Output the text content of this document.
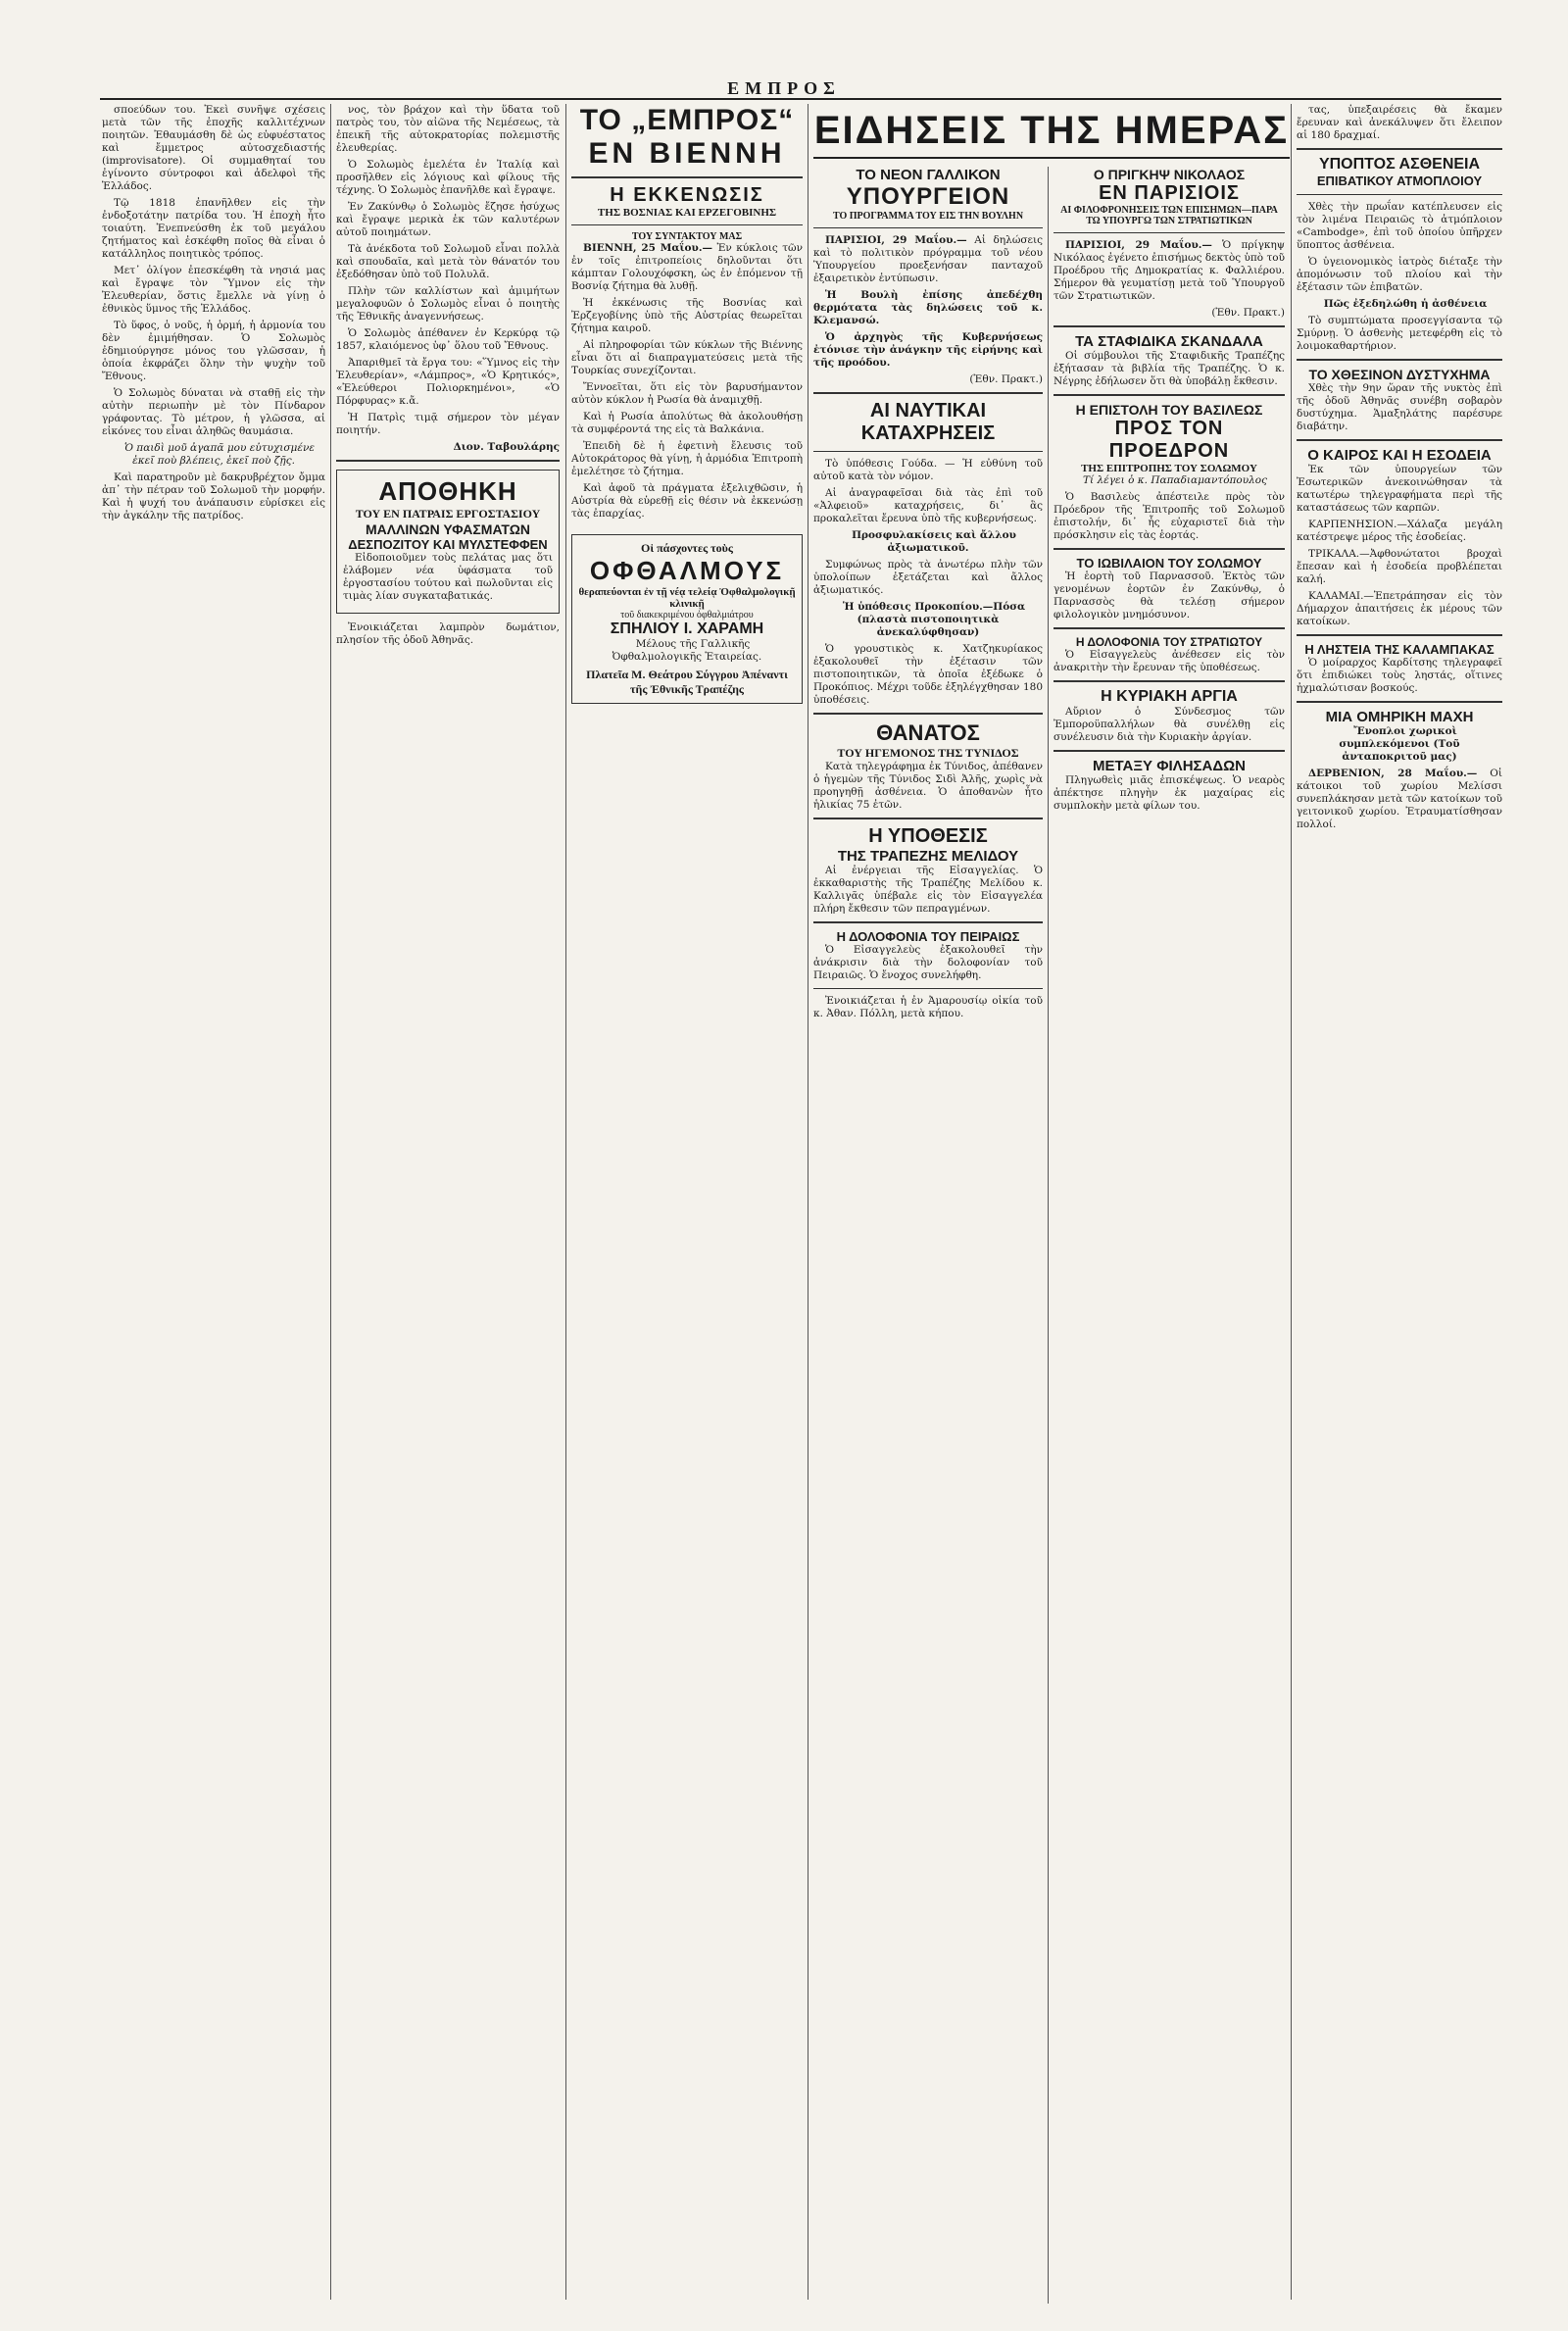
ΕΜΠΡΟΣ

σποεύδων του. Ἐκεὶ συνῆψε σχέσεις μετὰ τῶν τῆς ἐποχῆς καλλιτέχνων ποιητῶν. Ἐθαυμάσθη δὲ ὡς εὐφυέστατος καὶ ἔμμετρος αὐτοσχεδιαστής (improvisatore). Οἱ συμμαθηταί του ἐγίνοντο σύντροφοι καὶ ἀδελφοὶ τῆς Ἑλλάδος.

Τῷ 1818 ἐπανῆλθεν εἰς τὴν ἐνδοξοτάτην πατρίδα του. Ἡ ἐποχὴ ἦτο τοιαύτη. Ἐνεπνεύσθη ἐκ τοῦ μεγάλου ζητήματος καὶ ἐσκέφθη ποῖος θὰ εἶναι ὁ κατάλληλος ποιητικὸς τρόπος.

Μετ᾽ ὀλίγον ἐπεσκέφθη τὰ νησιά μας καὶ ἔγραψε τὸν Ὕμνον εἰς τὴν Ἐλευθερίαν, ὅστις ἔμελλε νὰ γίνῃ ὁ ἐθνικὸς ὕμνος τῆς Ἑλλάδος.

Τὸ ὕφος, ὁ νοῦς, ἡ ὁρμή, ἡ ἁρμονία του δὲν ἐμιμήθησαν. Ὁ Σολωμὸς ἐδημιούργησε μόνος του γλῶσσαν, ἡ ὁποία ἐκφράζει ὅλην τὴν ψυχὴν τοῦ Ἔθνους.

Ὁ Σολωμὸς δύναται νὰ σταθῇ εἰς τὴν αὐτὴν περιωπὴν μὲ τὸν Πίνδαρον γράφοντας. Τὸ μέτρον, ἡ γλῶσσα, αἱ εἰκόνες του εἶναι ἀληθῶς θαυμάσια.

Ὁ παιδὶ μοῦ ἀγαπᾶ μου εὐτυχισμένε ἐκεῖ ποὺ βλέπεις, ἐκεῖ ποὺ ζῇς.

Καὶ παρατηροῦν μὲ δακρυβρέχτον ὄμμα ἀπ᾽ τὴν πέτραν τοῦ Σολωμοῦ τὴν μορφήν. Καὶ ἡ ψυχή του ἀνάπαυσιν εὑρίσκει εἰς τὴν ἀγκάλην τῆς πατρίδος.

νος, τὸν βράχον καὶ τὴν ὕδατα τοῦ πατρὸς του, τὸν αἰῶνα τῆς Νεμέσεως, τὰ ἐπεικῆ τῆς αὐτοκρατορίας πολεμιστῆς ἐλευθερίας.

Ὁ Σολωμὸς ἐμελέτα ἐν Ἰταλίᾳ καὶ προσῆλθεν εἰς λόγιους καὶ φίλους τῆς τέχνης. Ὁ Σολωμὸς ἐπανῆλθε καὶ ἔγραψε.

Ἐν Ζακύνθῳ ὁ Σολωμὸς ἔζησε ἡσύχως καὶ ἔγραψε μερικὰ ἐκ τῶν καλυτέρων αὐτοῦ ποιημάτων.

Τὰ ἀνέκδοτα τοῦ Σολωμοῦ εἶναι πολλὰ καὶ σπουδαῖα, καὶ μετὰ τὸν θάνατόν του ἐξεδόθησαν ὑπὸ τοῦ Πολυλᾶ.

Πλὴν τῶν καλλίστων καὶ ἀμιμήτων μεγαλοφυῶν ὁ Σολωμὸς εἶναι ὁ ποιητὴς τῆς Ἐθνικῆς ἀναγεννήσεως.

Ὁ Σολωμὸς ἀπέθανεν ἐν Κερκύρᾳ τῷ 1857, κλαιόμενος ὑφ᾽ ὅλου τοῦ Ἔθνους.

Ἀπαριθμεῖ τὰ ἔργα του: «Ὕμνος εἰς τὴν Ἐλευθερίαν», «Λάμπρος», «Ὁ Κρητικός», «Ἐλεύθεροι Πολιορκημένοι», «Ὁ Πόρφυρας» κ.ἄ.

Ἡ Πατρὶς τιμᾷ σήμερον τὸν μέγαν ποιητήν.

Διον. Ταβουλάρης

ΑΠΟΘΗΚΗ
ΤΟΥ ΕΝ ΠΑΤΡΑΙΣ ΕΡΓΟΣΤΑΣΙΟΥ
ΜΑΛΛΙΝΩΝ ΥΦΑΣΜΑΤΩΝ
ΔΕΣΠΟΖΙΤΟΥ ΚΑΙ ΜΥΛΣΤΕΦΦΕΝ

Εἰδοποιοῦμεν τοὺς πελάτας μας ὅτι ἐλάβομεν νέα ὑφάσματα τοῦ ἐργοστασίου τούτου καὶ πωλοῦνται εἰς τιμὰς λίαν συγκαταβατικάς.

Ἐνοικιάζεται λαμπρὸν δωμάτιον, πλησίον τῆς ὁδοῦ Ἀθηνᾶς.

ΤΟ „ΕΜΠΡΟΣ“
ΕΝ ΒΙΕΝΝΗ
Η ΕΚΚΕΝΩΣΙΣ
ΤΗΣ ΒΟΣΝΙΑΣ ΚΑΙ ΕΡΖΕΓΟΒΙΝΗΣ
ΤΟΥ ΣΥΝΤΑΚΤΟΥ ΜΑΣ

ΒΙΕΝΝΗ, 25 Μαΐου.— Ἐν κύκλοις τῶν ἐν τοῖς ἐπιτροπείοις δηλοῦνται ὅτι κάμπταν Γολουχόφσκη, ὡς ἐν ἐπόμενον τῇ Βοσνίᾳ ζήτημα θὰ λυθῇ.

Ἡ ἐκκένωσις τῆς Βοσνίας καὶ Ἐρζεγοβίνης ὑπὸ τῆς Αὐστρίας θεωρεῖται ζήτημα καιροῦ.

Αἱ πληροφορίαι τῶν κύκλων τῆς Βιέννης εἶναι ὅτι αἱ διαπραγματεύσεις μετὰ τῆς Τουρκίας συνεχίζονται.

Ἔννοεῖται, ὅτι εἰς τὸν βαρυσήμαντον αὐτὸν κύκλον ἡ Ρωσία θὰ ἀναμιχθῇ.

Καὶ ἡ Ρωσία ἀπολύτως θὰ ἀκολουθήσῃ τὰ συμφέροντά της εἰς τὰ Βαλκάνια.

Ἐπειδὴ δὲ ἡ ἐφετινὴ ἔλευσις τοῦ Αὐτοκράτορος θὰ γίνῃ, ἡ ἀρμόδια Ἐπιτροπὴ ἐμελέτησε τὸ ζήτημα.

Καὶ ἀφοῦ τὰ πράγματα ἐξελιχθῶσιν, ἡ Αὐστρία θὰ εὑρεθῇ εἰς θέσιν νὰ ἐκκενώσῃ τὰς ἐπαρχίας.

Οἱ πάσχοντες τοὺς
ΟΦΘΑΛΜΟΥΣ
θεραπεύονται ἐν τῇ νέᾳ τελείᾳ Ὀφθαλμολογικῇ κλινικῇ
τοῦ διακεκριμένου ὀφθαλμιάτρου
ΣΠΗΛΙΟΥ Ι. ΧΑΡΑΜΗ

Μέλους τῆς Γαλλικῆς Ὀφθαλμολογικῆς Ἑταιρείας.

Πλατεῖα Μ. Θεάτρου Σύγγρου Ἀπέναντι τῆς Ἐθνικῆς Τραπέζης
ΕΙΔΗΣΕΙΣ ΤΗΣ ΗΜΕΡΑΣ
ΤΟ ΝΕΟΝ ΓΑΛΛΙΚΟΝ
ΥΠΟΥΡΓΕΙΟΝ
ΤΟ ΠΡΟΓΡΑΜΜΑ ΤΟΥ ΕΙΣ ΤΗΝ ΒΟΥΛΗΝ

ΠΑΡΙΣΙΟΙ, 29 Μαΐου.— Αἱ δηλώσεις καὶ τὸ πολιτικὸν πρόγραμμα τοῦ νέου Ὑπουργείου προεξενήσαν πανταχοῦ ἐξαιρετικὸν ἐντύπωσιν.

Ἡ Βουλὴ ἐπίσης ἀπεδέχθη θερμότατα τὰς δηλώσεις τοῦ κ. Κλεμανσώ.

Ὁ ἀρχηγὸς τῆς Κυβερνήσεως ἐτόνισε τὴν ἀνάγκην τῆς εἰρήνης καὶ τῆς προόδου.

(Ἐθν. Πρακτ.)

ΑΙ ΝΑΥΤΙΚΑΙ
ΚΑΤΑΧΡΗΣΕΙΣ

Τὸ ὑπόθεσις Γούδα. — Ἡ εὐθύνη τοῦ αὐτοῦ κατὰ τὸν νόμον.

Αἱ ἀναγραφεῖσαι διὰ τὰς ἐπὶ τοῦ «Ἀλφειοῦ» καταχρήσεις, δι᾽ ἃς προκαλεῖται ἔρευνα ὑπὸ τῆς κυβερνήσεως.

Προσφυλακίσεις καὶ ἄλλου ἀξιωματικοῦ.

Συμφώνως πρὸς τὰ ἀνωτέρω πλὴν τῶν ὑπολοίπων ἐξετάζεται καὶ ἄλλος ἀξιωματικός.

Ἡ ὑπόθεσις Προκοπίου.—Πόσα (πλαστὰ πιστοποιητικὰ ἀνεκαλύφθησαν)

Ὁ γρουστικὸς κ. Χατζηκυρίακος ἐξακολουθεῖ τὴν ἐξέτασιν τῶν πιστοποιητικῶν, τὰ ὁποῖα ἐξέδωκε ὁ Προκόπιος. Μέχρι τοῦδε ἐξηλέγχθησαν 180 ὑποθέσεις.

ΘΑΝΑΤΟΣ
ΤΟΥ ΗΓΕΜΟΝΟΣ ΤΗΣ ΤΥΝΙΔΟΣ

Κατὰ τηλεγράφημα ἐκ Τύνιδος, ἀπέθανεν ὁ ἡγεμὼν τῆς Τύνιδος Σιδὶ Ἀλῆς, χωρὶς νὰ προηγηθῇ ἀσθένεια. Ὁ ἀποθανὼν ἦτο ἡλικίας 75 ἐτῶν.

Η ΥΠΟΘΕΣΙΣ
ΤΗΣ ΤΡΑΠΕΖΗΣ ΜΕΛΙΔΟΥ

Αἱ ἐνέργειαι τῆς Εἰσαγγελίας. Ὁ ἐκκαθαριστὴς τῆς Τραπέζης Μελίδου κ. Καλλιγᾶς ὑπέβαλε εἰς τὸν Εἰσαγγελέα πλήρη ἔκθεσιν τῶν πεπραγμένων.

Η ΔΟΛΟΦΟΝΙΑ ΤΟΥ ΠΕΙΡΑΙΩΣ

Ὁ Εἰσαγγελεὺς ἐξακολουθεῖ τὴν ἀνάκρισιν διὰ τὴν δολοφονίαν τοῦ Πειραιῶς. Ὁ ἔνοχος συνελήφθη.

Ἐνοικιάζεται ἡ ἐν Ἀμαρουσίῳ οἰκία τοῦ κ. Ἀθαν. Πόλλη, μετὰ κήπου.

Ο ΠΡΙΓΚΗΨ ΝΙΚΟΛΑΟΣ
ΕΝ ΠΑΡΙΣΙΟΙΣ
ΑΙ ΦΙΛΟΦΡΟΝΗΣΕΙΣ ΤΩΝ ΕΠΙΣΗΜΩΝ—ΠΑΡΑ ΤΩ ΥΠΟΥΡΓΩ ΤΩΝ ΣΤΡΑΤΙΩΤΙΚΩΝ

ΠΑΡΙΣΙΟΙ, 29 Μαΐου.— Ὁ πρίγκηψ Νικόλαος ἐγένετο ἐπισήμως δεκτὸς ὑπὸ τοῦ Προέδρου τῆς Δημοκρατίας κ. Φαλλιέρου. Σήμερον θὰ γευματίσῃ μετὰ τοῦ Ὑπουργοῦ τῶν Στρατιωτικῶν.

(Ἐθν. Πρακτ.)

ΤΑ ΣΤΑΦΙΔΙΚΑ ΣΚΑΝΔΑΛΑ

Οἱ σύμβουλοι τῆς Σταφιδικῆς Τραπέζης ἐξήτασαν τὰ βιβλία τῆς Τραπέζης. Ὁ κ. Νέγρης ἐδήλωσεν ὅτι θὰ ὑποβάλῃ ἔκθεσιν.

Η ΕΠΙΣΤΟΛΗ ΤΟΥ ΒΑΣΙΛΕΩΣ
ΠΡΟΣ ΤΟΝ ΠΡΟΕΔΡΟΝ
ΤΗΣ ΕΠΙΤΡΟΠΗΣ ΤΟΥ ΣΟΛΩΜΟΥ

Τί λέγει ὁ κ. Παπαδιαμαντόπουλος

Ὁ Βασιλεὺς ἀπέστειλε πρὸς τὸν Πρόεδρον τῆς Ἐπιτροπῆς τοῦ Σολωμοῦ ἐπιστολήν, δι᾽ ἧς εὐχαριστεῖ διὰ τὴν πρόσκλησιν εἰς τὰς ἑορτάς.

ΤΟ ΙΩΒΙΛΑΙΟΝ ΤΟΥ ΣΟΛΩΜΟΥ

Ἡ ἑορτὴ τοῦ Παρνασσοῦ. Ἐκτὸς τῶν γενομένων ἑορτῶν ἐν Ζακύνθῳ, ὁ Παρνασσὸς θὰ τελέσῃ σήμερον φιλολογικὸν μνημόσυνον.

Η ΔΟΛΟΦΟΝΙΑ ΤΟΥ ΣΤΡΑΤΙΩΤΟΥ

Ὁ Εἰσαγγελεὺς ἀνέθεσεν εἰς τὸν ἀνακριτὴν τὴν ἔρευναν τῆς ὑποθέσεως.

Η ΚΥΡΙΑΚΗ ΑΡΓΙΑ

Αὔριον ὁ Σύνδεσμος τῶν Ἐμποροϋπαλλήλων θὰ συνέλθῃ εἰς συνέλευσιν διὰ τὴν Κυριακὴν ἀργίαν.

ΜΕΤΑΞΥ ΦΙΛΗΣΑΔΩΝ

Πληγωθεὶς μιᾶς ἐπισκέψεως. Ὁ νεαρὸς ἀπέκτησε πληγὴν ἐκ μαχαίρας εἰς συμπλοκὴν μετὰ φίλων του.

τας, ὑπεξαιρέσεις θὰ ἔκαμεν ἔρευναν καὶ ἀνεκάλυψεν ὅτι ἔλειπον αἱ 180 δραχμαί.

ΥΠΟΠΤΟΣ ΑΣΘΕΝΕΙΑ
ΕΠΙΒΑΤΙΚΟΥ ΑΤΜΟΠΛΟΙΟΥ

Χθὲς τὴν πρωΐαν κατέπλευσεν εἰς τὸν λιμένα Πειραιῶς τὸ ἀτμόπλοιον «Cambodge», ἐπὶ τοῦ ὁποίου ὑπῆρχεν ὕποπτος ἀσθένεια.

Ὁ ὑγειονομικὸς ἰατρὸς διέταξε τὴν ἀπομόνωσιν τοῦ πλοίου καὶ τὴν ἐξέτασιν τῶν ἐπιβατῶν.

Πῶς ἐξεδηλώθη ἡ ἀσθένεια

Τὸ συμπτώματα προσεγγίσαντα τῷ Σμύρνῃ. Ὁ ἀσθενὴς μετεφέρθη εἰς τὸ λοιμοκαθαρτήριον.

ΤΟ ΧΘΕΣΙΝΟΝ ΔΥΣΤΥΧΗΜΑ

Χθὲς τὴν 9ην ὥραν τῆς νυκτὸς ἐπὶ τῆς ὁδοῦ Ἀθηνᾶς συνέβη σοβαρὸν δυστύχημα. Ἁμαξηλάτης παρέσυρε διαβάτην.

Ο ΚΑΙΡΟΣ ΚΑΙ Η ΕΣΟΔΕΙΑ

Ἐκ τῶν ὑπουργείων τῶν Ἐσωτερικῶν ἀνεκοινώθησαν τὰ κατωτέρω τηλεγραφήματα περὶ τῆς καταστάσεως τῶν καρπῶν.

ΚΑΡΠΕΝΗΣΙΟΝ.—Χάλαζα μεγάλη κατέστρεψε μέρος τῆς ἐσοδείας.

ΤΡΙΚΑΛΑ.—Ἀφθονώτατοι βροχαὶ ἔπεσαν καὶ ἡ ἐσοδεία προβλέπεται καλή.

ΚΑΛΑΜΑΙ.—Ἐπετράπησαν εἰς τὸν Δήμαρχον ἀπαιτήσεις ἐκ μέρους τῶν κατοίκων.

Η ΛΗΣΤΕΙΑ ΤΗΣ ΚΑΛΑΜΠΑΚΑΣ

Ὁ μοίραρχος Καρδίτσης τηλεγραφεῖ ὅτι ἐπιδιώκει τοὺς ληστάς, οἵτινες ἠχμαλώτισαν βοσκούς.

ΜΙΑ ΟΜΗΡΙΚΗ ΜΑΧΗ

Ἔνοπλοι χωρικοὶ συμπλεκόμενοι (Τοῦ ἀνταποκριτοῦ μας)

ΔΕΡΒΕΝΙΟΝ, 28 Μαΐου.— Οἱ κάτοικοι τοῦ χωρίου Μελίσσι συνεπλάκησαν μετὰ τῶν κατοίκων τοῦ γειτονικοῦ χωρίου. Ἐτραυματίσθησαν πολλοί.
